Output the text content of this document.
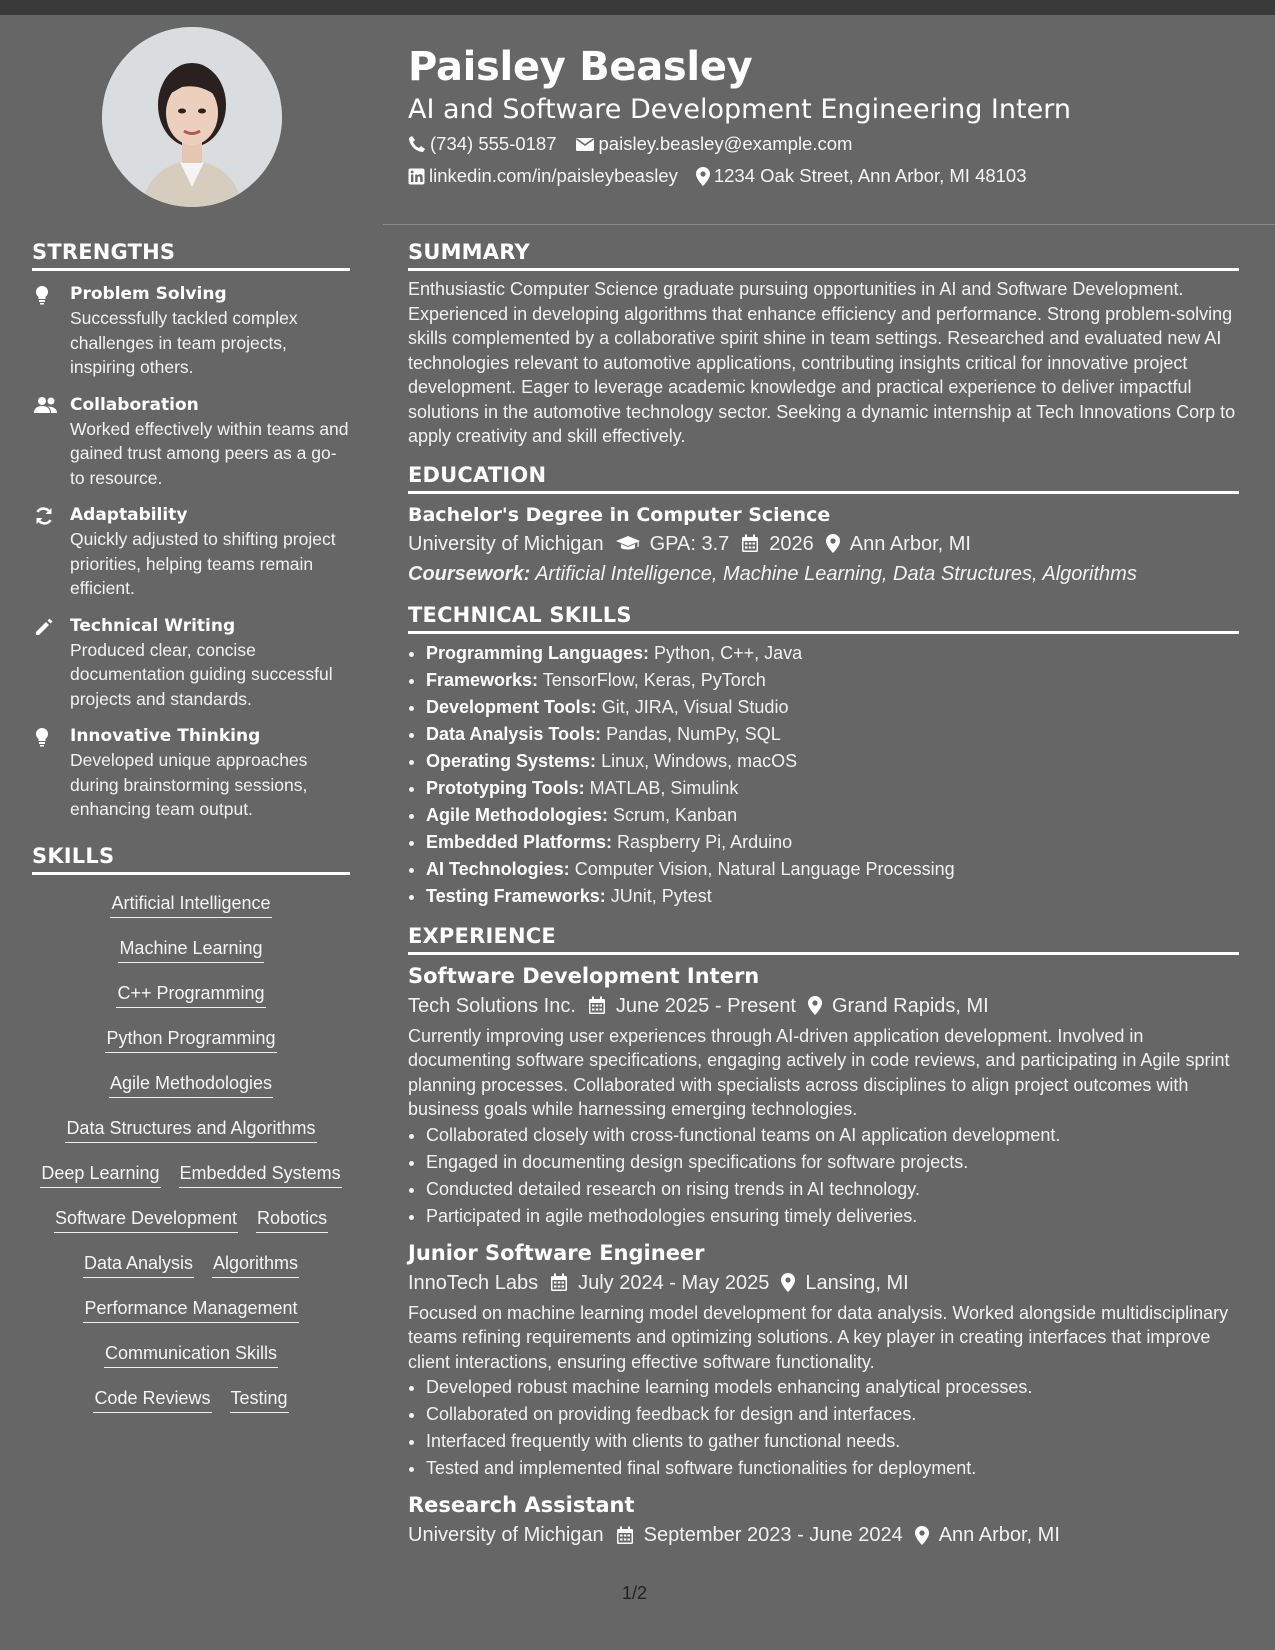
STRENGTHS
Problem Solving

Successfully tackled complex challenges in team projects, inspiring others.

Collaboration

Worked effectively within teams and gained trust among peers as a go-to resource.

Adaptability

Quickly adjusted to shifting project priorities, helping teams remain efficient.

Technical Writing

Produced clear, concise documentation guiding successful projects and standards.

Innovative Thinking

Developed unique approaches during brainstorming sessions, enhancing team output.

SKILLS
Artificial Intelligence
Machine Learning
C++ Programming
Python Programming
Agile Methodologies
Data Structures and Algorithms
Deep Learning Embedded Systems
Software Development Robotics
Data Analysis Algorithms
Performance Management
Communication Skills
Code Reviews Testing
Paisley Beasley
AI and Software Development Engineering Intern
(734) 555-0187 paisley.beasley@example.com
linkedin.com/in/paisleybeasley 1234 Oak Street, Ann Arbor, MI 48103
SUMMARY

Enthusiastic Computer Science graduate pursuing opportunities in AI and Software Development. Experienced in developing algorithms that enhance efficiency and performance. Strong problem-solving skills complemented by a collaborative spirit shine in team settings. Researched and evaluated new AI technologies relevant to automotive applications, contributing insights critical for innovative project development. Eager to leverage academic knowledge and practical experience to deliver impactful solutions in the automotive technology sector. Seeking a dynamic internship at Tech Innovations Corp to apply creativity and skill effectively.

EDUCATION
Bachelor's Degree in Computer Science
University of Michigan GPA: 3.7 2026 Ann Arbor, MI
Coursework: Artificial Intelligence, Machine Learning, Data Structures, Algorithms
TECHNICAL SKILLS
• Programming Languages: Python, C++, Java
• Frameworks: TensorFlow, Keras, PyTorch
• Development Tools: Git, JIRA, Visual Studio
• Data Analysis Tools: Pandas, NumPy, SQL
• Operating Systems: Linux, Windows, macOS
• Prototyping Tools: MATLAB, Simulink
• Agile Methodologies: Scrum, Kanban
• Embedded Platforms: Raspberry Pi, Arduino
• AI Technologies: Computer Vision, Natural Language Processing
• Testing Frameworks: JUnit, Pytest
EXPERIENCE
Software Development Intern
Tech Solutions Inc. June 2025 - Present Grand Rapids, MI

Currently improving user experiences through AI-driven application development. Involved in documenting software specifications, engaging actively in code reviews, and participating in Agile sprint planning processes. Collaborated with specialists across disciplines to align project outcomes with business goals while harnessing emerging technologies.

• Collaborated closely with cross-functional teams on AI application development.
• Engaged in documenting design specifications for software projects.
• Conducted detailed research on rising trends in AI technology.
• Participated in agile methodologies ensuring timely deliveries.
Junior Software Engineer
InnoTech Labs July 2024 - May 2025 Lansing, MI

Focused on machine learning model development for data analysis. Worked alongside multidisciplinary teams refining requirements and optimizing solutions. A key player in creating interfaces that improve client interactions, ensuring effective software functionality.

• Developed robust machine learning models enhancing analytical processes.
• Collaborated on providing feedback for design and interfaces.
• Interfaced frequently with clients to gather functional needs.
• Tested and implemented final software functionalities for deployment.
Research Assistant
University of Michigan September 2023 - June 2024 Ann Arbor, MI
1/2
